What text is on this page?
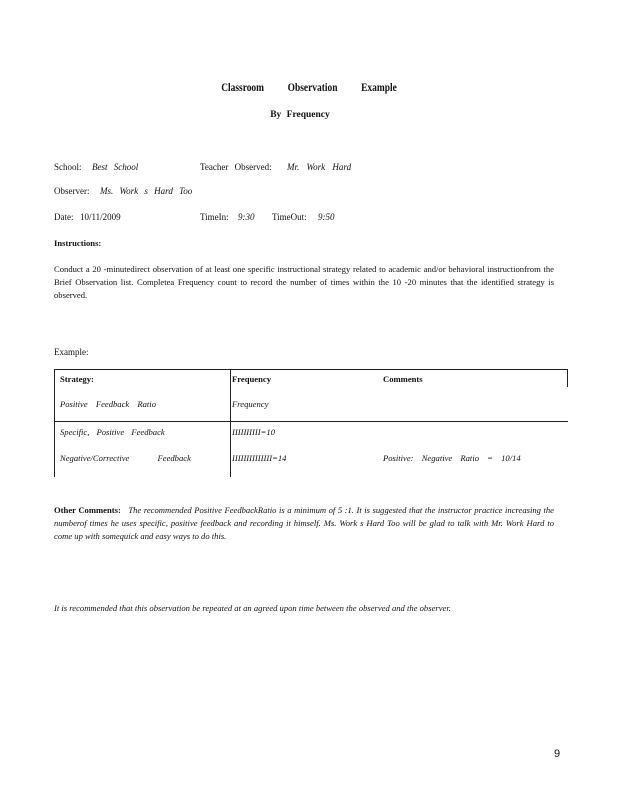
Classroom Observation Example
By Frequency
School: Best School	Teacher Observed: Mr. Work Hard
Observer: Ms. Work s Hard Too
Date: 10/11/2009	TimeIn: 9:30 TimeOut: 9:50
Instructions:
Conduct a 20 -minutedirect observation of at least one specific instructional strategy related to academic and/or behavioral instructionfrom the Brief Observation list. Completea Frequency count to record the number of times within the 10 -20 minutes that the identified strategy is observed.
Example:
Strategy:	Frequency	Comments
Positive Feedback Ratio	Frequency
Specific, Positive Feedback	IIIIIIIIII=10
Negative/Corrective Feedback	IIIIIIIIIIIIII=14	Positive: Negative Ratio = 10/14
Other Comments: The recommended Positive FeedbackRatio is a minimum of 5 :1. It is suggested that the instructor practice increasing the numberof times he uses specific, positive feedback and recording it himself. Ms. Work s Hard Too will be glad to talk with Mr. Work Hard to come up with somequick and easy ways to do this.
It is recommended that this observation be repeated at an agreed upon time between the observed and the observer.
9
